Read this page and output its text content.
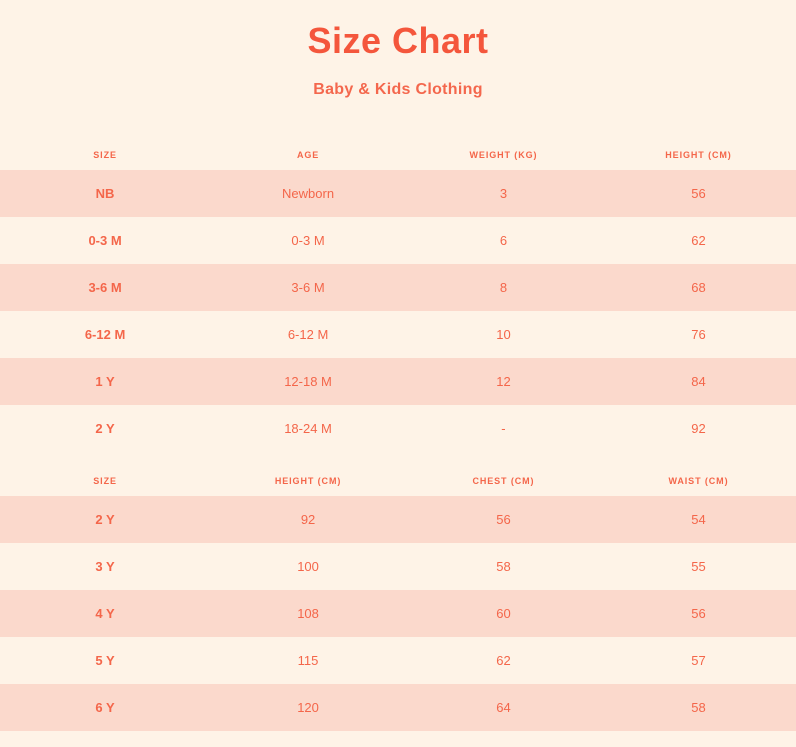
Size Chart
Baby & Kids Clothing
SIZE	AGE	WEIGHT (KG)	HEIGHT (CM)
NB	Newborn	3	56
0-3 M	0-3 M	6	62
3-6 M	3-6 M	8	68
6-12 M	6-12 M	10	76
1 Y	12-18 M	12	84
2 Y	18-24 M	-	92
SIZE	HEIGHT (CM)	CHEST (CM)	WAIST (CM)
2 Y	92	56	54
3 Y	100	58	55
4 Y	108	60	56
5 Y	115	62	57
6 Y	120	64	58
